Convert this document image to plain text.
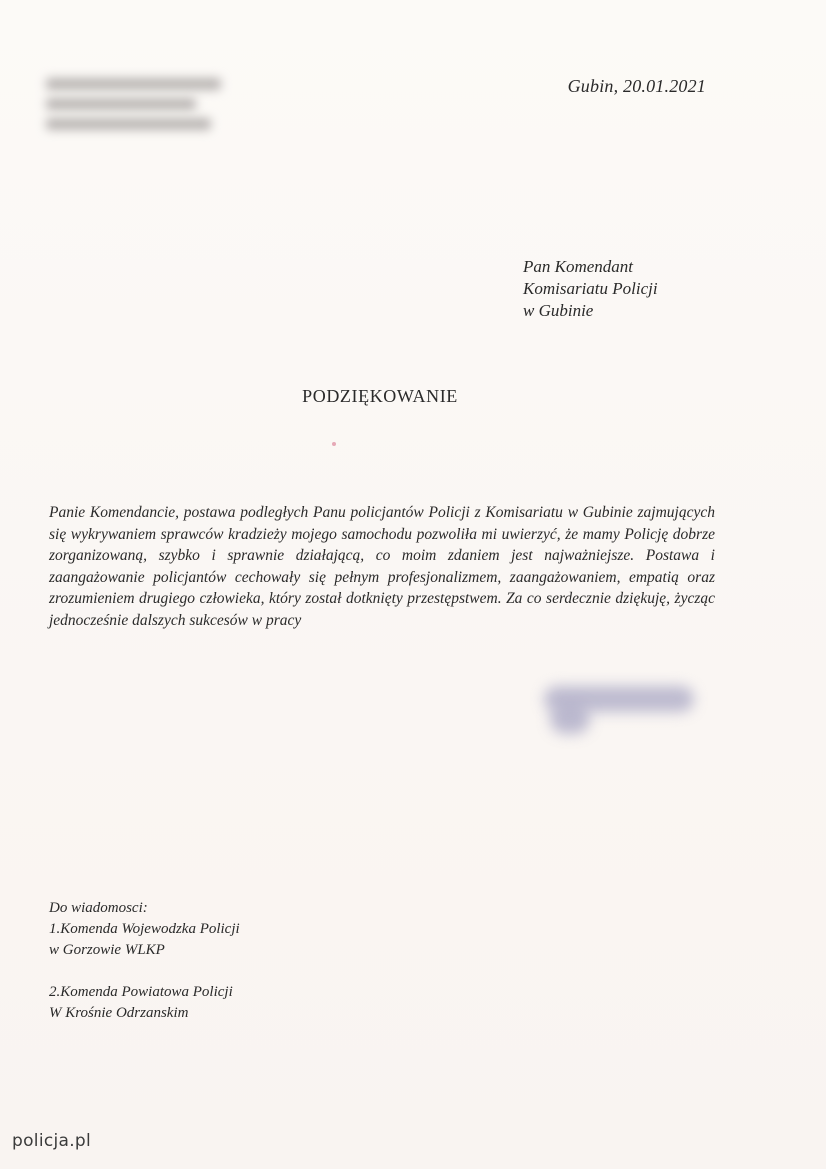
Gubin, 20.01.2021
Pan Komendant
Komisariatu Policji
w Gubinie
PODZIĘKOWANIE
Panie Komendancie, postawa podległych Panu policjantów Policji z Komisariatu w Gubinie zajmujących się wykrywaniem sprawców kradzieży mojego samochodu pozwoliła mi uwierzyć, że mamy Policję dobrze zorganizowaną, szybko i sprawnie działającą, co moim zdaniem jest najważniejsze. Postawa i zaangażowanie policjantów cechowały się pełnym profesjonalizmem, zaangażowaniem, empatią oraz zrozumieniem drugiego człowieka, który został dotknięty przestępstwem. Za co serdecznie dziękuję, życząc jednocześnie dalszych sukcesów w pracy
Do wiadomosci:
1.Komenda Wojewodzka Policji
w Gorzowie WLKP
2.Komenda Powiatowa Policji
W Krośnie Odrzanskim
policja.pl
